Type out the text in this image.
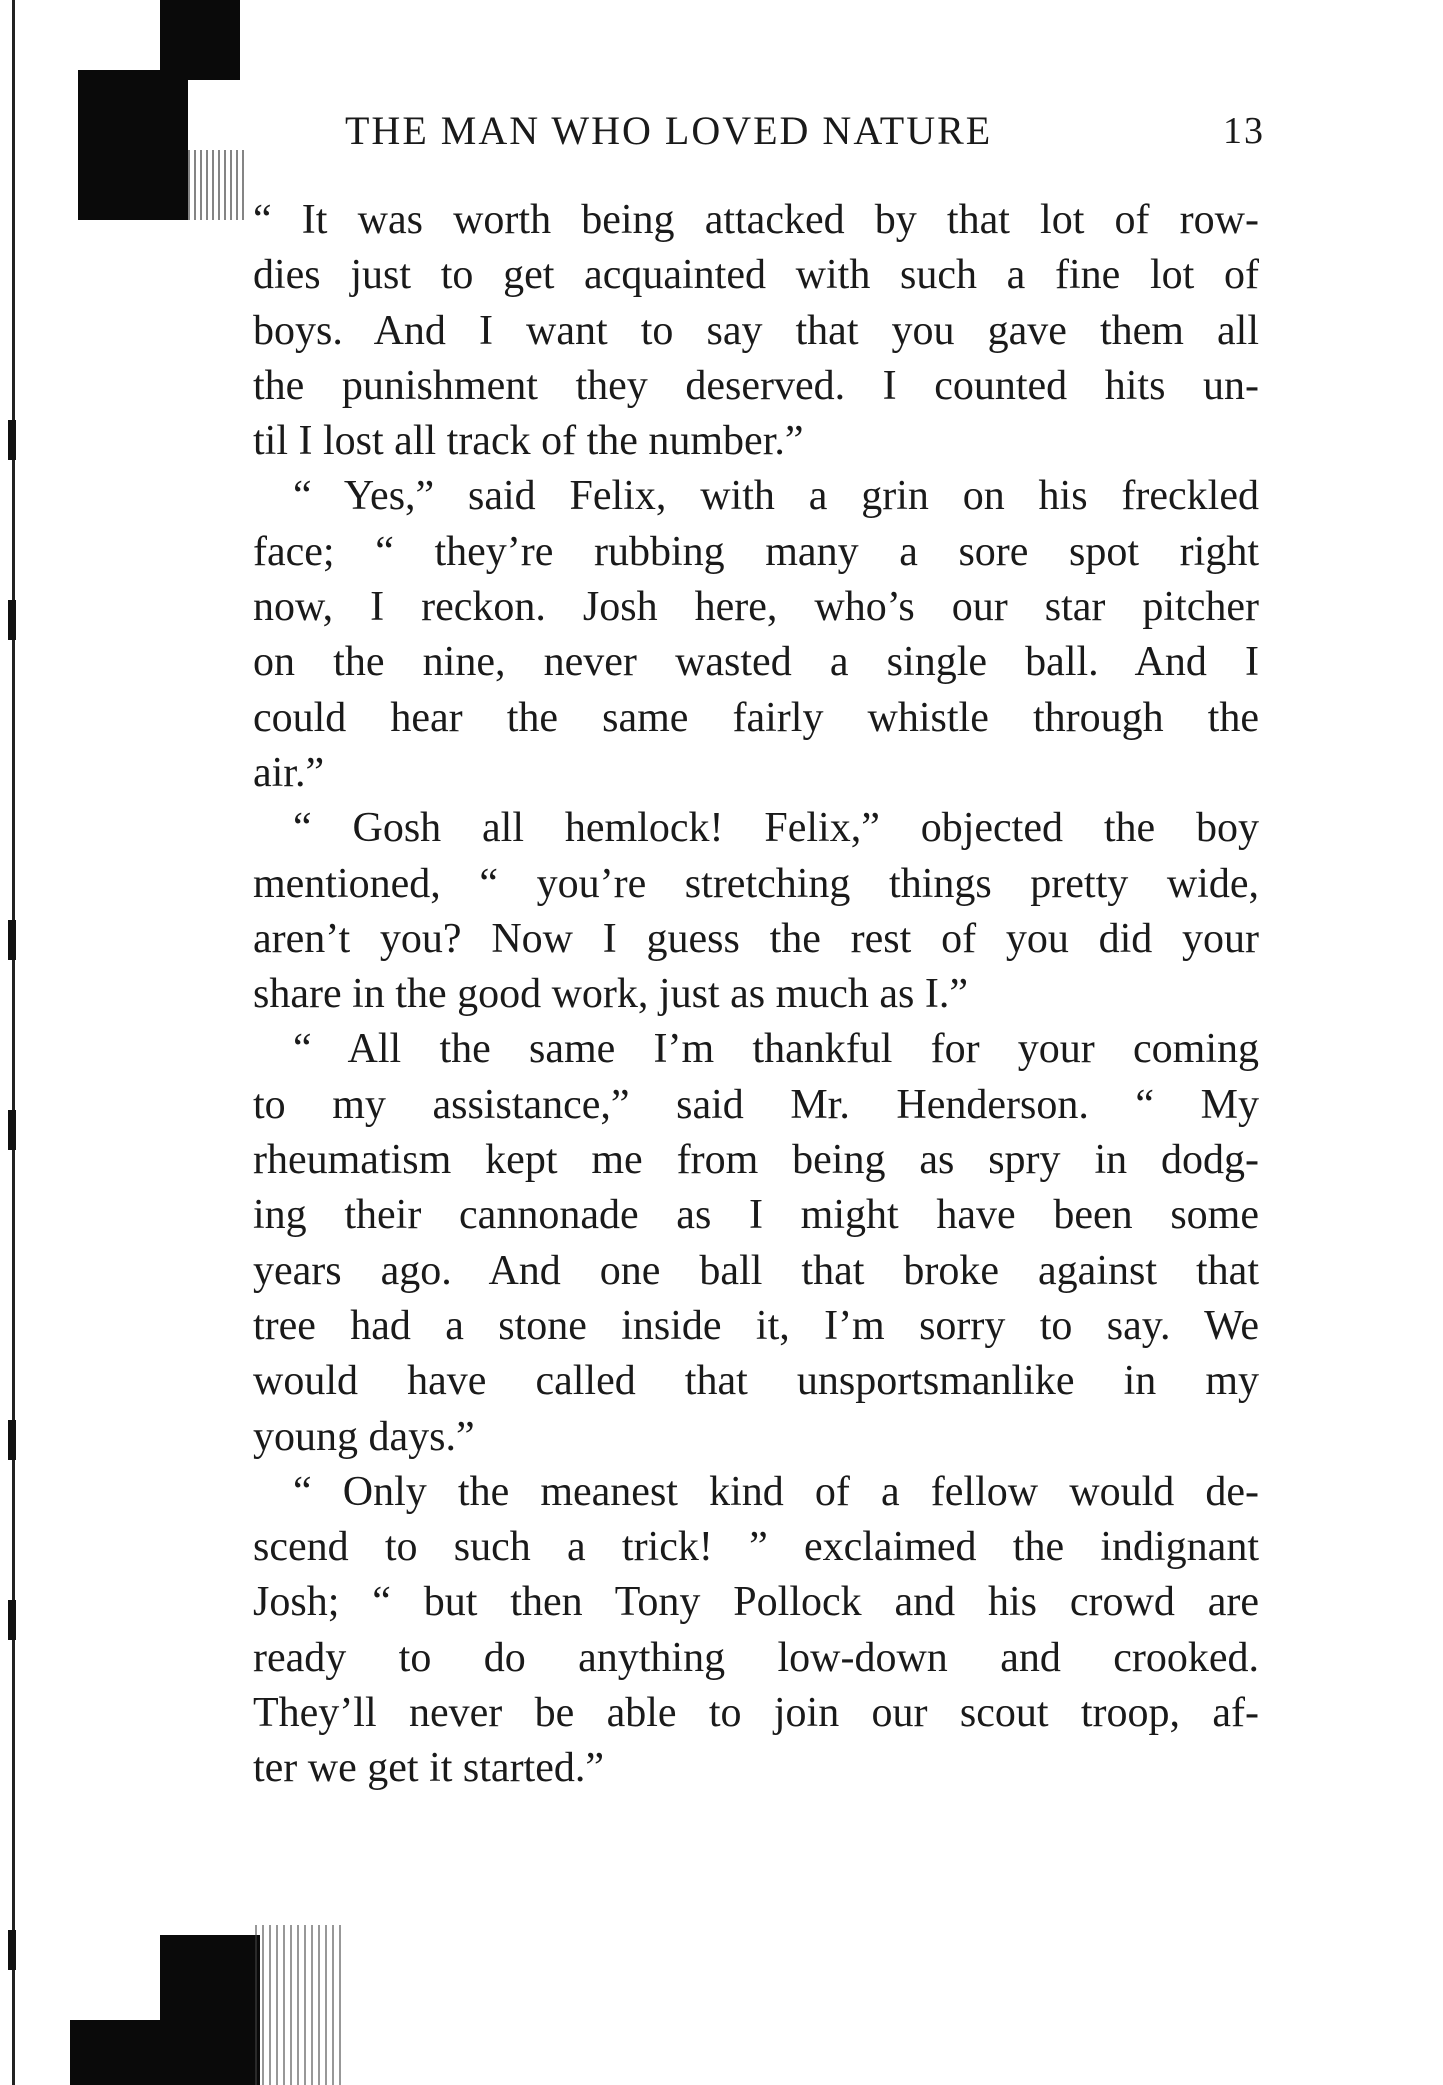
THE MAN WHO LOVED NATURE	13
“ It was worth being attacked by that lot of row-
dies just to get acquainted with such a fine lot of
boys. And I want to say that you gave them all
the punishment they deserved. I counted hits un-
til I lost all track of the number.”
“ Yes,” said Felix, with a grin on his freckled
face; “ they’re rubbing many a sore spot right
now, I reckon. Josh here, who’s our star pitcher
on the nine, never wasted a single ball. And I
could hear the same fairly whistle through the
air.”
“ Gosh all hemlock! Felix,” objected the boy
mentioned, “ you’re stretching things pretty wide,
aren’t you? Now I guess the rest of you did your
share in the good work, just as much as I.”
“ All the same I’m thankful for your coming
to my assistance,” said Mr. Henderson. “ My
rheumatism kept me from being as spry in dodg-
ing their cannonade as I might have been some
years ago. And one ball that broke against that
tree had a stone inside it, I’m sorry to say. We
would have called that unsportsmanlike in my
young days.”
“ Only the meanest kind of a fellow would de-
scend to such a trick! ” exclaimed the indignant
Josh; “ but then Tony Pollock and his crowd are
ready to do anything low-down and crooked.
They’ll never be able to join our scout troop, af-
ter we get it started.”
